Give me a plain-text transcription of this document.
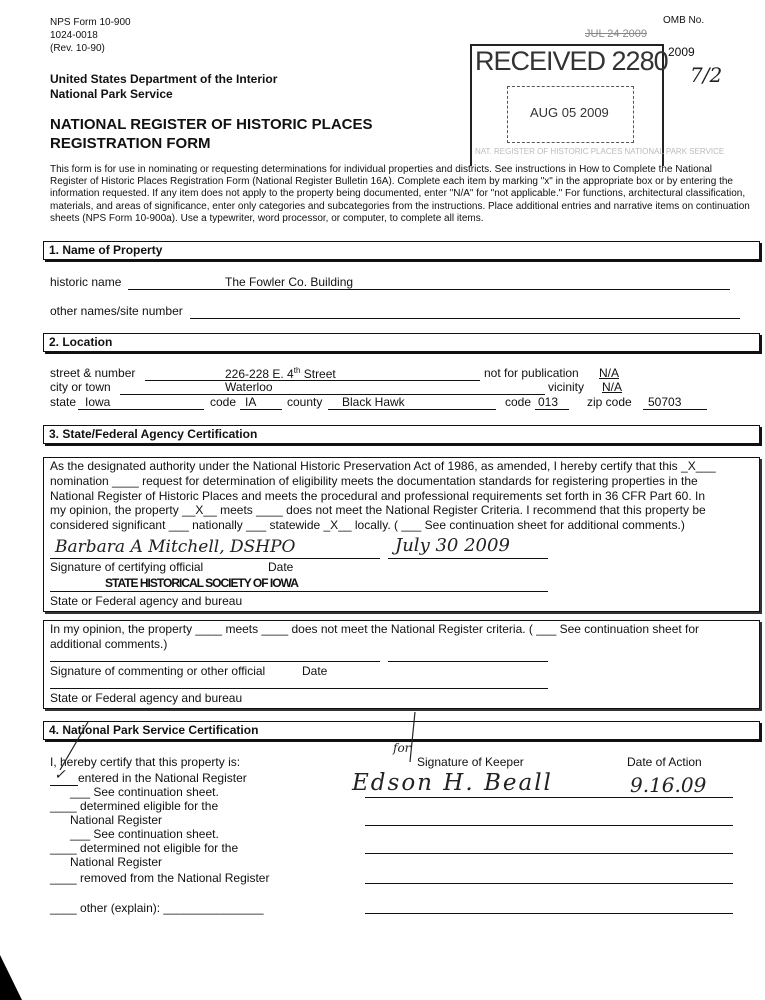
NPS Form 10-900
1024-0018
(Rev. 10-90)
OMB No.
United States Department of the Interior
National Park Service
NATIONAL REGISTER OF HISTORIC PLACES
REGISTRATION FORM
RECEIVED 2280
AUG 05 2009
NAT. REGISTER OF HISTORIC PLACES NATIONAL PARK SERVICE
JUL 24 2009
2009
7/2
This form is for use in nominating or requesting determinations for individual properties and districts. See instructions in How to Complete the National Register of Historic Places Registration Form (National Register Bulletin 16A). Complete each item by marking "x" in the appropriate box or by entering the information requested. If any item does not apply to the property being documented, enter "N/A" for "not applicable." For functions, architectural classification, materials, and areas of significance, enter only categories and subcategories from the instructions. Place additional entries and narrative items on continuation sheets (NPS Form 10-900a). Use a typewriter, word processor, or computer, to complete all items.
1. Name of Property
historic name	The Fowler Co. Building
other names/site number
2. Location
street & number	226-228 E. 4th Street	not for publication	N/A
city or town	Waterloo	vicinity	N/A
state Iowa	code IA	county Black Hawk	code 013 zip code 50703
3. State/Federal Agency Certification
As the designated authority under the National Historic Preservation Act of 1986, as amended, I hereby certify that this _X___
nomination ____ request for determination of eligibility meets the documentation standards for registering properties in the
National Register of Historic Places and meets the procedural and professional requirements set forth in 36 CFR Part 60. In
my opinion, the property __X__ meets ____ does not meet the National Register Criteria. I recommend that this property be
considered significant ___ nationally ___ statewide _X__ locally. ( ___ See continuation sheet for additional comments.)
Barbara A Mitchell, DSHPO	July 30 2009
Signature of certifying official	Date
STATE HISTORICAL SOCIETY OF IOWA
State or Federal agency and bureau
In my opinion, the property ____ meets ____ does not meet the National Register criteria. ( ___ See continuation sheet for
additional comments.)
Signature of commenting or other official	Date
State or Federal agency and bureau
4. National Park Service Certification
I, hereby certify that this property is:
✓ entered in the National Register
___ See continuation sheet.
____ determined eligible for the
National Register
___ See continuation sheet.
____ determined not eligible for the
National Register
____ removed from the National Register
____ other (explain): _______________
Signature of Keeper	Date of Action
for
Edson H. Beall	9.16.09
